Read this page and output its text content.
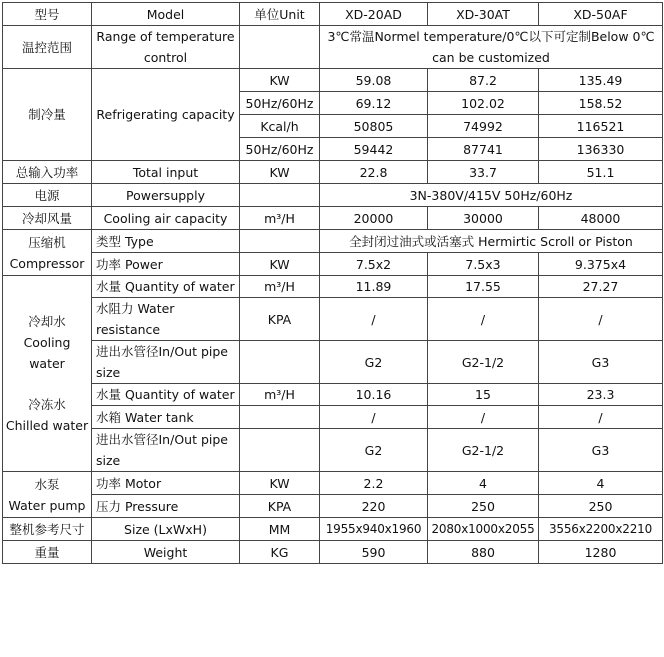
型号	Model	单位Unit	XD-20AD	XD-30AT	XD-50AF
温控范围	Range of temperature control		3℃常温Normel temperature/0℃以下可定制Below 0℃ can be customized		
制冷量	Refrigerating capacity	KW	59.08	87.2	135.49
		50Hz/60Hz	69.12	102.02	158.52
		Kcal/h	50805	74992	116521
		50Hz/60Hz	59442	87741	136330
总输入功率	Total input	KW	22.8	33.7	51.1
电源	Powersupply		3N-380V/415V 50Hz/60Hz		
冷却风量	Cooling air capacity	m³/H	20000	30000	48000

压缩机
Compressor	类型 Type		全封闭过油式或活塞式 Hermirtic Scroll or Piston		
	功率 Power	KW	7.5x2	7.5x3	9.375x4

冷却水
Cooling water
冷冻水
Chilled water	水量 Quantity of water	m³/H	11.89	17.55	27.27
	水阻力 Water resistance	KPA	/	/	/
	进出水管径In/Out pipe size		G2	G2-1/2	G3
	水量 Quantity of water	m³/H	10.16	15	23.3
	水箱 Water tank		/	/	/
	进出水管径In/Out pipe size		G2	G2-1/2	G3

水泵
Water pump	功率 Motor	KW	2.2	4	4
	压力 Pressure	KPA	220	250	250
整机参考尺寸	Size (LxWxH)	MM	1955x940x1960	2080x1000x2055	3556x2200x2210
重量	Weight	KG	590	880	1280
